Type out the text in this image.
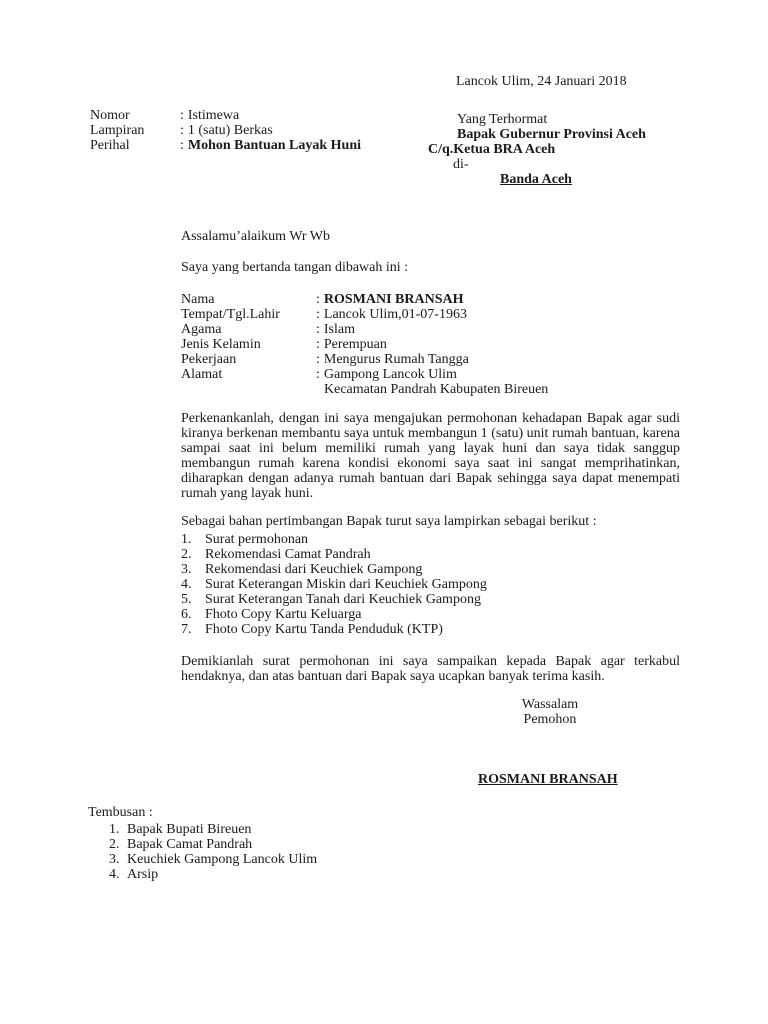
Lancok Ulim, 24 Januari 2018
Nomor	: Istimewa
Lampiran	: 1 (satu) Berkas
Perihal	: Mohon Bantuan Layak Huni
Yang Terhormat
Bapak Gubernur Provinsi Aceh
C/q.Ketua BRA Aceh
di-
Banda Aceh
Assalamu’alaikum Wr Wb
Saya yang bertanda tangan dibawah ini :
Nama	: ROSMANI BRANSAH
Tempat/Tgl.Lahir	: Lancok Ulim,01-07-1963
Agama	: Islam
Jenis Kelamin	: Perempuan
Pekerjaan	: Mengurus Rumah Tangga
Alamat	: Gampong Lancok Ulim
Kecamatan Pandrah Kabupaten Bireuen
Perkenankanlah, dengan ini saya mengajukan permohonan kehadapan Bapak agar sudi kiranya berkenan membantu saya untuk membangun 1 (satu) unit rumah bantuan, karena sampai saat ini belum memiliki rumah yang layak huni dan saya tidak sanggup membangun rumah karena kondisi ekonomi saya saat ini sangat memprihatinkan, diharapkan dengan adanya rumah bantuan dari Bapak sehingga saya dapat menempati rumah yang layak huni.
Sebagai bahan pertimbangan Bapak turut saya lampirkan sebagai berikut :
1. Surat permohonan
2. Rekomendasi Camat Pandrah
3. Rekomendasi dari Keuchiek Gampong
4. Surat Keterangan Miskin dari Keuchiek Gampong
5. Surat Keterangan Tanah dari Keuchiek Gampong
6. Fhoto Copy Kartu Keluarga
7. Fhoto Copy Kartu Tanda Penduduk (KTP)
Demikianlah surat permohonan ini saya sampaikan kepada Bapak agar terkabul hendaknya, dan atas bantuan dari Bapak saya ucapkan banyak terima kasih.
Wassalam
Pemohon
ROSMANI BRANSAH
Tembusan :
1. Bapak Bupati Bireuen
2. Bapak Camat Pandrah
3. Keuchiek Gampong Lancok Ulim
4. Arsip
